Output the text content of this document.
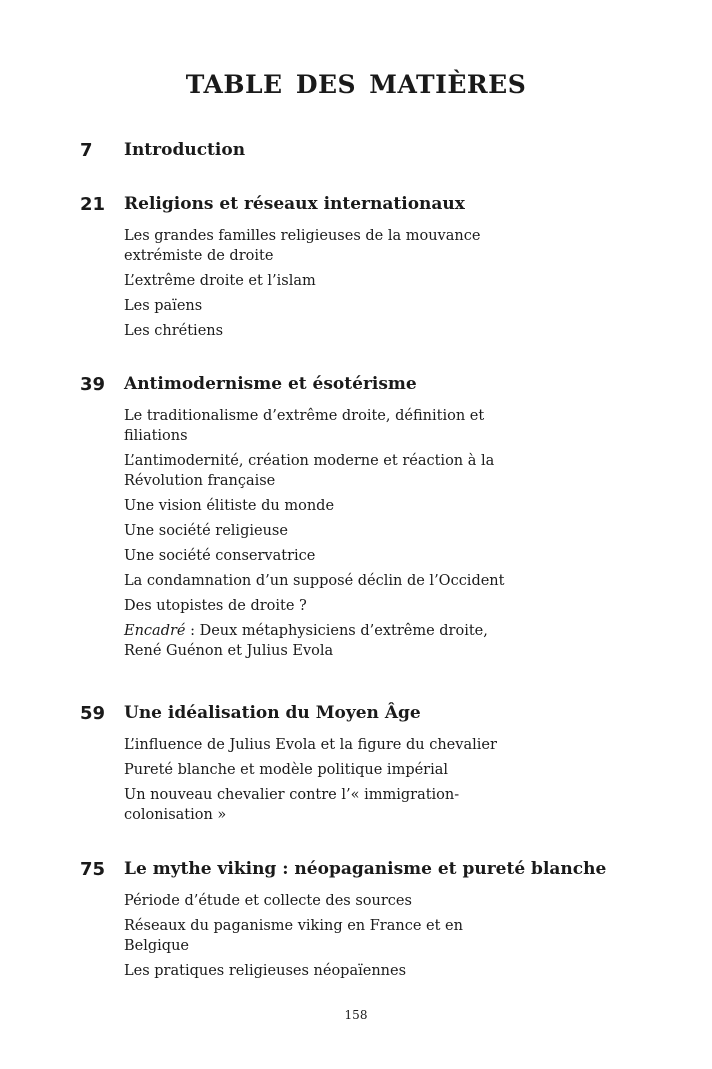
TABLE DES MATIÈRES
7 Introduction
21 Religions et réseaux internationaux
Les grandes familles religieuses de la mouvance extrémiste de droite
L’extrême droite et l’islam
Les païens
Les chrétiens
39 Antimodernisme et ésotérisme
Le traditionalisme d’extrême droite, définition et filiations
L’antimodernité, création moderne et réaction à la Révolution française
Une vision élitiste du monde
Une société religieuse
Une société conservatrice
La condamnation d’un supposé déclin de l’Occident
Des utopistes de droite ?
Encadré : Deux métaphysiciens d’extrême droite, René Guénon et Julius Evola
59 Une idéalisation du Moyen Âge
L’influence de Julius Evola et la figure du chevalier
Pureté blanche et modèle politique impérial
Un nouveau chevalier contre l’« immigration-colonisation »
75 Le mythe viking : néopaganisme et pureté blanche
Période d’étude et collecte des sources
Réseaux du paganisme viking en France et en Belgique
Les pratiques religieuses néopaïennes
158
